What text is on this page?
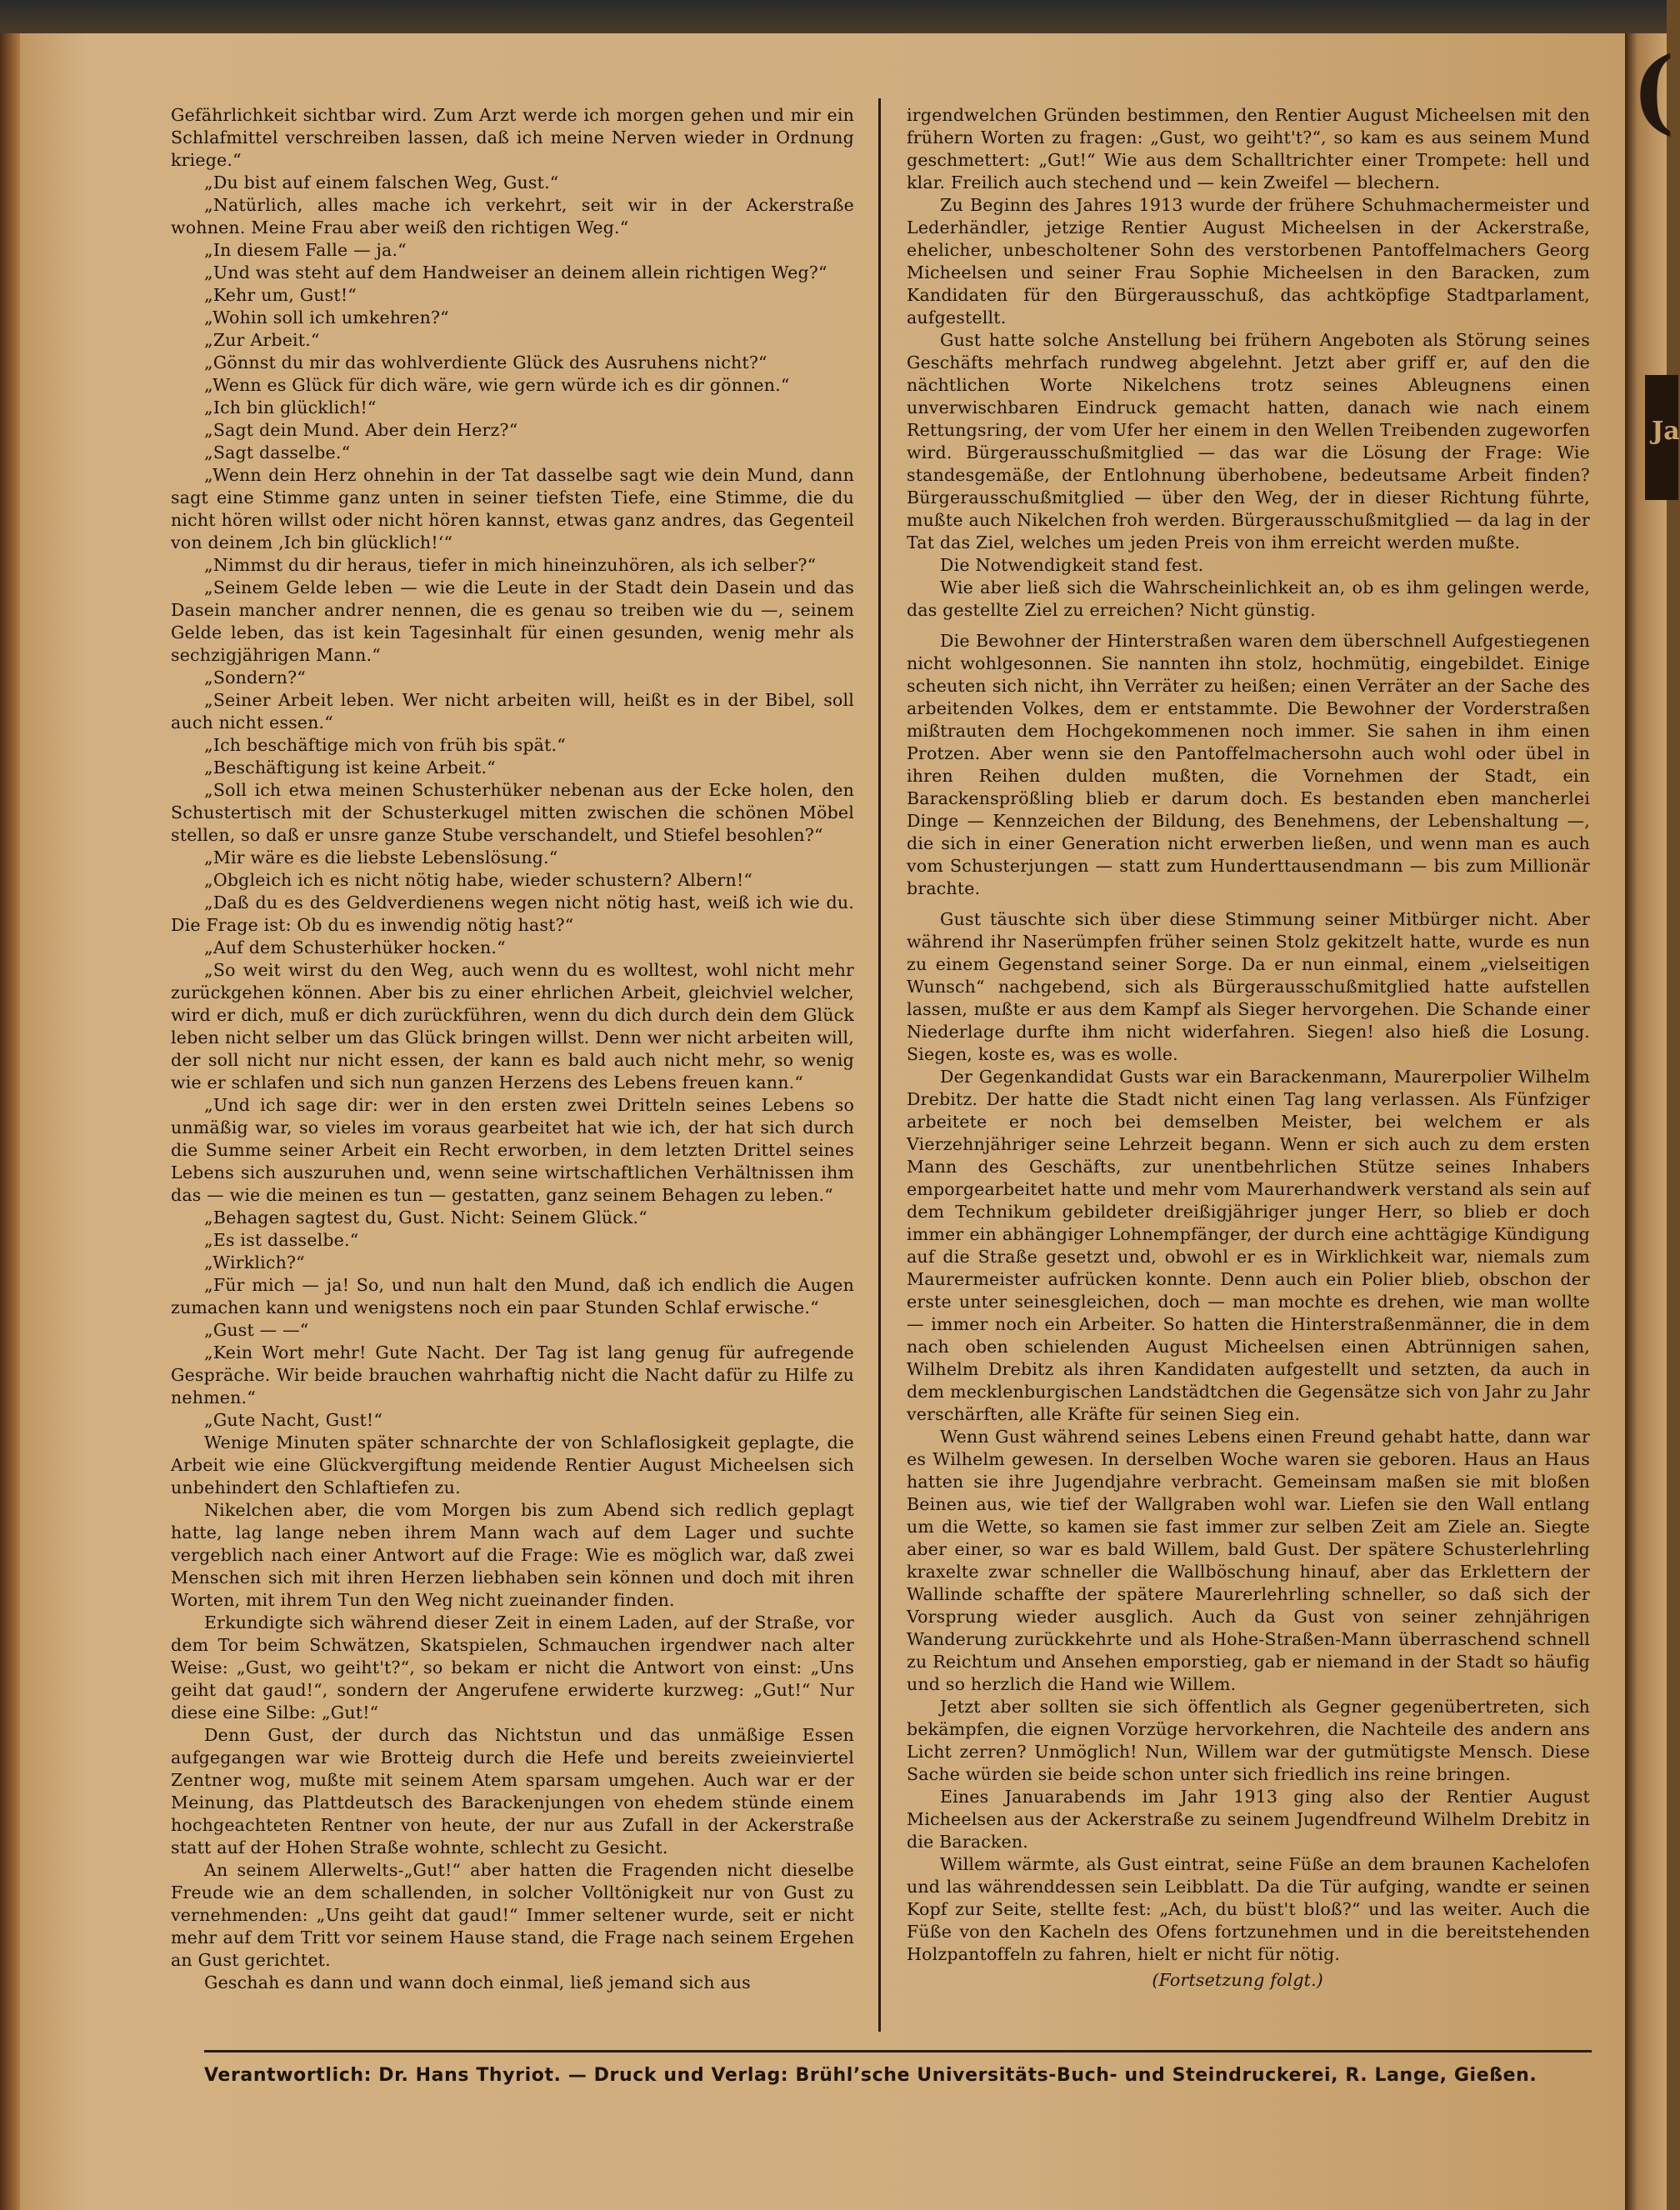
(
Ja

Gefährlichkeit sichtbar wird. Zum Arzt werde ich morgen gehen und mir ein Schlafmittel verschreiben lassen, daß ich meine Nerven wieder in Ordnung kriege.“

„Du bist auf einem falschen Weg, Gust.“

„Natürlich, alles mache ich verkehrt, seit wir in der Ackerstraße wohnen. Meine Frau aber weiß den richtigen Weg.“

„In diesem Falle — ja.“

„Und was steht auf dem Handweiser an deinem allein richtigen Weg?“

„Kehr um, Gust!“

„Wohin soll ich umkehren?“

„Zur Arbeit.“

„Gönnst du mir das wohlverdiente Glück des Ausruhens nicht?“

„Wenn es Glück für dich wäre, wie gern würde ich es dir gönnen.“

„Ich bin glücklich!“

„Sagt dein Mund. Aber dein Herz?“

„Sagt dasselbe.“

„Wenn dein Herz ohnehin in der Tat dasselbe sagt wie dein Mund, dann sagt eine Stimme ganz unten in seiner tiefsten Tiefe, eine Stimme, die du nicht hören willst oder nicht hören kannst, etwas ganz andres, das Gegenteil von deinem ‚Ich bin glücklich!‘“

„Nimmst du dir heraus, tiefer in mich hineinzuhören, als ich selber?“

„Seinem Gelde leben — wie die Leute in der Stadt dein Dasein und das Dasein mancher andrer nennen, die es genau so treiben wie du —, seinem Gelde leben, das ist kein Tagesinhalt für einen gesunden, wenig mehr als sechzigjährigen Mann.“

„Sondern?“

„Seiner Arbeit leben. Wer nicht arbeiten will, heißt es in der Bibel, soll auch nicht essen.“

„Ich beschäftige mich von früh bis spät.“

„Beschäftigung ist keine Arbeit.“

„Soll ich etwa meinen Schusterhüker nebenan aus der Ecke holen, den Schustertisch mit der Schusterkugel mitten zwischen die schönen Möbel stellen, so daß er unsre ganze Stube verschandelt, und Stiefel besohlen?“

„Mir wäre es die liebste Lebenslösung.“

„Obgleich ich es nicht nötig habe, wieder schustern? Albern!“

„Daß du es des Geldverdienens wegen nicht nötig hast, weiß ich wie du. Die Frage ist: Ob du es inwendig nötig hast?“

„Auf dem Schusterhüker hocken.“

„So weit wirst du den Weg, auch wenn du es wolltest, wohl nicht mehr zurückgehen können. Aber bis zu einer ehrlichen Arbeit, gleichviel welcher, wird er dich, muß er dich zurückführen, wenn du dich durch dein dem Glück leben nicht selber um das Glück bringen willst. Denn wer nicht arbeiten will, der soll nicht nur nicht essen, der kann es bald auch nicht mehr, so wenig wie er schlafen und sich nun ganzen Herzens des Lebens freuen kann.“

„Und ich sage dir: wer in den ersten zwei Dritteln seines Lebens so unmäßig war, so vieles im voraus gearbeitet hat wie ich, der hat sich durch die Summe seiner Arbeit ein Recht erworben, in dem letzten Drittel seines Lebens sich auszuruhen und, wenn seine wirtschaftlichen Verhältnissen ihm das — wie die meinen es tun — gestatten, ganz seinem Behagen zu leben.“

„Behagen sagtest du, Gust. Nicht: Seinem Glück.“

„Es ist dasselbe.“

„Wirklich?“

„Für mich — ja! So, und nun halt den Mund, daß ich endlich die Augen zumachen kann und wenigstens noch ein paar Stunden Schlaf erwische.“

„Gust — —“

„Kein Wort mehr! Gute Nacht. Der Tag ist lang genug für aufregende Gespräche. Wir beide brauchen wahrhaftig nicht die Nacht dafür zu Hilfe zu nehmen.“

„Gute Nacht, Gust!“

Wenige Minuten später schnarchte der von Schlaflosigkeit geplagte, die Arbeit wie eine Glückvergiftung meidende Rentier August Micheelsen sich unbehindert den Schlaftiefen zu.

Nikelchen aber, die vom Morgen bis zum Abend sich redlich geplagt hatte, lag lange neben ihrem Mann wach auf dem Lager und suchte vergeblich nach einer Antwort auf die Frage: Wie es möglich war, daß zwei Menschen sich mit ihren Herzen liebhaben sein können und doch mit ihren Worten, mit ihrem Tun den Weg nicht zueinander finden.

Erkundigte sich während dieser Zeit in einem Laden, auf der Straße, vor dem Tor beim Schwätzen, Skatspielen, Schmauchen irgendwer nach alter Weise: „Gust, wo geiht't?“, so bekam er nicht die Antwort von einst: „Uns geiht dat gaud!“, sondern der Angerufene erwiderte kurzweg: „Gut!“ Nur diese eine Silbe: „Gut!“

Denn Gust, der durch das Nichtstun und das unmäßige Essen aufgegangen war wie Brotteig durch die Hefe und bereits zweieinviertel Zentner wog, mußte mit seinem Atem sparsam umgehen. Auch war er der Meinung, das Plattdeutsch des Barackenjungen von ehedem stünde einem hochgeachteten Rentner von heute, der nur aus Zufall in der Ackerstraße statt auf der Hohen Straße wohnte, schlecht zu Gesicht.

An seinem Allerwelts-„Gut!“ aber hatten die Fragenden nicht dieselbe Freude wie an dem schallenden, in solcher Volltönigkeit nur von Gust zu vernehmenden: „Uns geiht dat gaud!“ Immer seltener wurde, seit er nicht mehr auf dem Tritt vor seinem Hause stand, die Frage nach seinem Ergehen an Gust gerichtet.

Geschah es dann und wann doch einmal, ließ jemand sich aus

irgendwelchen Gründen bestimmen, den Rentier August Micheelsen mit den frühern Worten zu fragen: „Gust, wo geiht't?“, so kam es aus seinem Mund geschmettert: „Gut!“ Wie aus dem Schalltrichter einer Trompete: hell und klar. Freilich auch stechend und — kein Zweifel — blechern.

Zu Beginn des Jahres 1913 wurde der frühere Schuhmachermeister und Lederhändler, jetzige Rentier August Micheelsen in der Ackerstraße, ehelicher, unbescholtener Sohn des verstorbenen Pantoffelmachers Georg Micheelsen und seiner Frau Sophie Micheelsen in den Baracken, zum Kandidaten für den Bürgerausschuß, das achtköpfige Stadtparlament, aufgestellt.

Gust hatte solche Anstellung bei frühern Angeboten als Störung seines Geschäfts mehrfach rundweg abgelehnt. Jetzt aber griff er, auf den die nächtlichen Worte Nikelchens trotz seines Ableugnens einen unverwischbaren Eindruck gemacht hatten, danach wie nach einem Rettungsring, der vom Ufer her einem in den Wellen Treibenden zugeworfen wird. Bürgerausschußmitglied — das war die Lösung der Frage: Wie standesgemäße, der Entlohnung überhobene, bedeutsame Arbeit finden? Bürgerausschußmitglied — über den Weg, der in dieser Richtung führte, mußte auch Nikelchen froh werden. Bürgerausschußmitglied — da lag in der Tat das Ziel, welches um jeden Preis von ihm erreicht werden mußte.

Die Notwendigkeit stand fest.

Wie aber ließ sich die Wahrscheinlichkeit an, ob es ihm gelingen werde, das gestellte Ziel zu erreichen? Nicht günstig.

Die Bewohner der Hinterstraßen waren dem überschnell Aufgestiegenen nicht wohlgesonnen. Sie nannten ihn stolz, hochmütig, eingebildet. Einige scheuten sich nicht, ihn Verräter zu heißen; einen Verräter an der Sache des arbeitenden Volkes, dem er entstammte. Die Bewohner der Vorderstraßen mißtrauten dem Hochgekommenen noch immer. Sie sahen in ihm einen Protzen. Aber wenn sie den Pantoffelmachersohn auch wohl oder übel in ihren Reihen dulden mußten, die Vornehmen der Stadt, ein Barackensprößling blieb er darum doch. Es bestanden eben mancherlei Dinge — Kennzeichen der Bildung, des Benehmens, der Lebenshaltung —, die sich in einer Generation nicht erwerben ließen, und wenn man es auch vom Schusterjungen — statt zum Hunderttausendmann — bis zum Millionär brachte.

Gust täuschte sich über diese Stimmung seiner Mitbürger nicht. Aber während ihr Naserümpfen früher seinen Stolz gekitzelt hatte, wurde es nun zu einem Gegenstand seiner Sorge. Da er nun einmal, einem „vielseitigen Wunsch“ nachgebend, sich als Bürgerausschußmitglied hatte aufstellen lassen, mußte er aus dem Kampf als Sieger hervorgehen. Die Schande einer Niederlage durfte ihm nicht widerfahren. Siegen! also hieß die Losung. Siegen, koste es, was es wolle.

Der Gegenkandidat Gusts war ein Barackenmann, Maurerpolier Wilhelm Drebitz. Der hatte die Stadt nicht einen Tag lang verlassen. Als Fünfziger arbeitete er noch bei demselben Meister, bei welchem er als Vierzehnjähriger seine Lehrzeit begann. Wenn er sich auch zu dem ersten Mann des Geschäfts, zur unentbehrlichen Stütze seines Inhabers emporgearbeitet hatte und mehr vom Maurerhandwerk verstand als sein auf dem Technikum gebildeter dreißigjähriger junger Herr, so blieb er doch immer ein abhängiger Lohnempfänger, der durch eine achttägige Kündigung auf die Straße gesetzt und, obwohl er es in Wirklichkeit war, niemals zum Maurermeister aufrücken konnte. Denn auch ein Polier blieb, obschon der erste unter seinesgleichen, doch — man mochte es drehen, wie man wollte — immer noch ein Arbeiter. So hatten die Hinterstraßenmänner, die in dem nach oben schielenden August Micheelsen einen Abtrünnigen sahen, Wilhelm Drebitz als ihren Kandidaten aufgestellt und setzten, da auch in dem mecklenburgischen Landstädtchen die Gegensätze sich von Jahr zu Jahr verschärften, alle Kräfte für seinen Sieg ein.

Wenn Gust während seines Lebens einen Freund gehabt hatte, dann war es Wilhelm gewesen. In derselben Woche waren sie geboren. Haus an Haus hatten sie ihre Jugendjahre verbracht. Gemeinsam maßen sie mit bloßen Beinen aus, wie tief der Wallgraben wohl war. Liefen sie den Wall entlang um die Wette, so kamen sie fast immer zur selben Zeit am Ziele an. Siegte aber einer, so war es bald Willem, bald Gust. Der spätere Schusterlehrling kraxelte zwar schneller die Wallböschung hinauf, aber das Erklettern der Wallinde schaffte der spätere Maurerlehrling schneller, so daß sich der Vorsprung wieder ausglich. Auch da Gust von seiner zehnjährigen Wanderung zurückkehrte und als Hohe-Straßen-Mann überraschend schnell zu Reichtum und Ansehen emporstieg, gab er niemand in der Stadt so häufig und so herzlich die Hand wie Willem.

Jetzt aber sollten sie sich öffentlich als Gegner gegenübertreten, sich bekämpfen, die eignen Vorzüge hervorkehren, die Nachteile des andern ans Licht zerren? Unmöglich! Nun, Willem war der gutmütigste Mensch. Diese Sache würden sie beide schon unter sich friedlich ins reine bringen.

Eines Januarabends im Jahr 1913 ging also der Rentier August Micheelsen aus der Ackerstraße zu seinem Jugendfreund Wilhelm Drebitz in die Baracken.

Willem wärmte, als Gust eintrat, seine Füße an dem braunen Kachelofen und las währenddessen sein Leibblatt. Da die Tür aufging, wandte er seinen Kopf zur Seite, stellte fest: „Ach, du büst't bloß?“ und las weiter. Auch die Füße von den Kacheln des Ofens fortzunehmen und in die bereitstehenden Holzpantoffeln zu fahren, hielt er nicht für nötig.

(Fortsetzung folgt.)

Verantwortlich: Dr. Hans Thyriot. — Druck und Verlag: Brühl’sche Universitäts-Buch- und Steindruckerei, R. Lange, Gießen.
